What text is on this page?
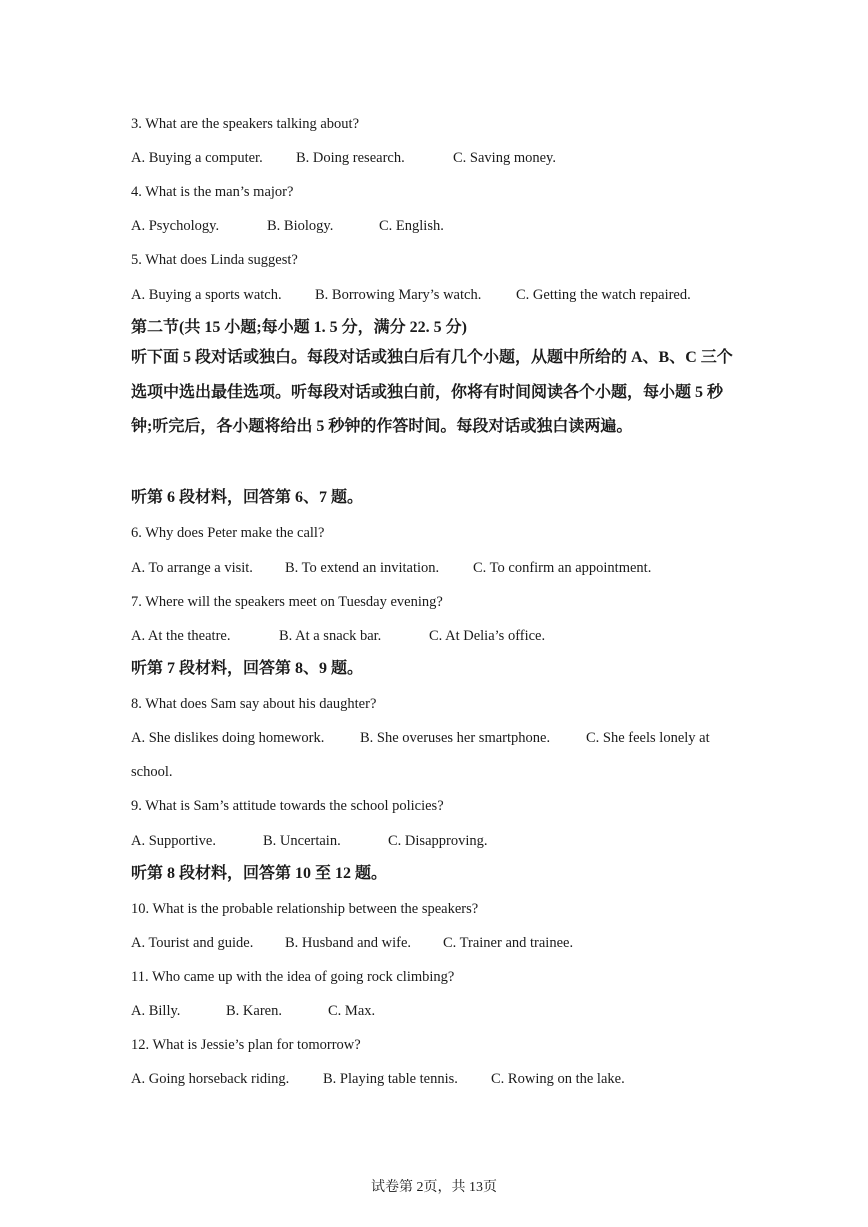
3. What are the speakers talking about?
A. Buying a computer. B. Doing research.	C. Saving money.
4. What is the man’s major?
A. Psychology.	B. Biology.	C. English.
5. What does Linda suggest?
A. Buying a sports watch. B. Borrowing Mary’s watch. C. Getting the watch repaired.
第二节(共 15 小题;每小题 1. 5 分，满分 22. 5 分)
听下面 5 段对话或独白。每段对话或独白后有几个小题，从题中所给的 A、B、C 三个选项中选出最佳选项。听每段对话或独白前，你将有时间阅读各个小题，每小题 5 秒钟;听完后，各小题将给出 5 秒钟的作答时间。每段对话或独白读两遍。
听第 6 段材料，回答第 6、7 题。
6. Why does Peter make the call?
A. To arrange a visit. B. To extend an invitation. C. To confirm an appointment.
7. Where will the speakers meet on Tuesday evening?
A. At the theatre.	B. At a snack bar.	C. At Delia’s office.
听第 7 段材料，回答第 8、9 题。
8. What does Sam say about his daughter?
A. She dislikes doing homework. B. She overuses her smartphone. C. She feels lonely at
school.
9. What is Sam’s attitude towards the school policies?
A. Supportive.	B. Uncertain.	C. Disapproving.
听第 8 段材料，回答第 10 至 12 题。
10. What is the probable relationship between the speakers?
A. Tourist and guide. B. Husband and wife. C. Trainer and trainee.
11. Who came up with the idea of going rock climbing?
A. Billy.	B. Karen.	C. Max.
12. What is Jessie’s plan for tomorrow?
A. Going horseback riding. B. Playing table tennis. C. Rowing on the lake.
试卷第 2页，共 13页
